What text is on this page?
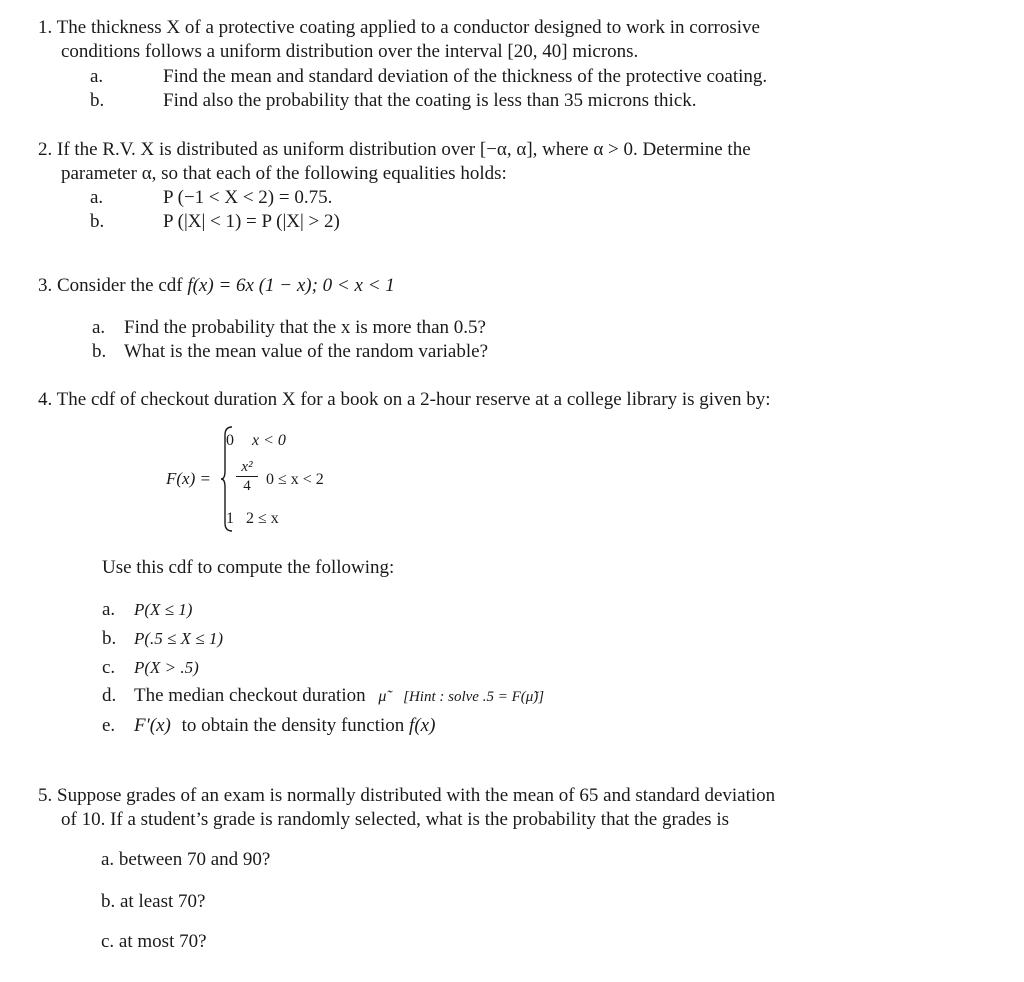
1. The thickness X of a protective coating applied to a conductor designed to work in corrosive
conditions follows a uniform distribution over the interval [20, 40] microns.
a.	Find the mean and standard deviation of the thickness of the protective coating.
b.	Find also the probability that the coating is less than 35 microns thick.
2. If the R.V. X is distributed as uniform distribution over [−α, α], where α > 0. Determine the
parameter α, so that each of the following equalities holds:
a.	P (−1 < X < 2) = 0.75.
b.	P (|X| < 1) = P (|X| > 2)
3. Consider the cdf f(x) = 6x (1 − x); 0 < x < 1
a. Find the probability that the x is more than 0.5?
b. What is the mean value of the random variable?
4. The cdf of checkout duration X for a book on a 2-hour reserve at a college library is given by:
F(x) =
0 x < 0
$\frac{\text{x²}}{4} 0 \le x < 2$
1 2 ≤ x
Use this cdf to compute the following:
a. P(X ≤ 1)
b. P(.5 ≤ X ≤ 1)
c. P(X > .5)
d. The median checkout duration μ̃ [Hint : solve .5 = F(μ̃)]
e. F′(x) to obtain the density function f(x)
5. Suppose grades of an exam is normally distributed with the mean of 65 and standard deviation
of 10. If a student’s grade is randomly selected, what is the probability that the grades is
a. between 70 and 90?
b. at least 70?
c. at most 70?
